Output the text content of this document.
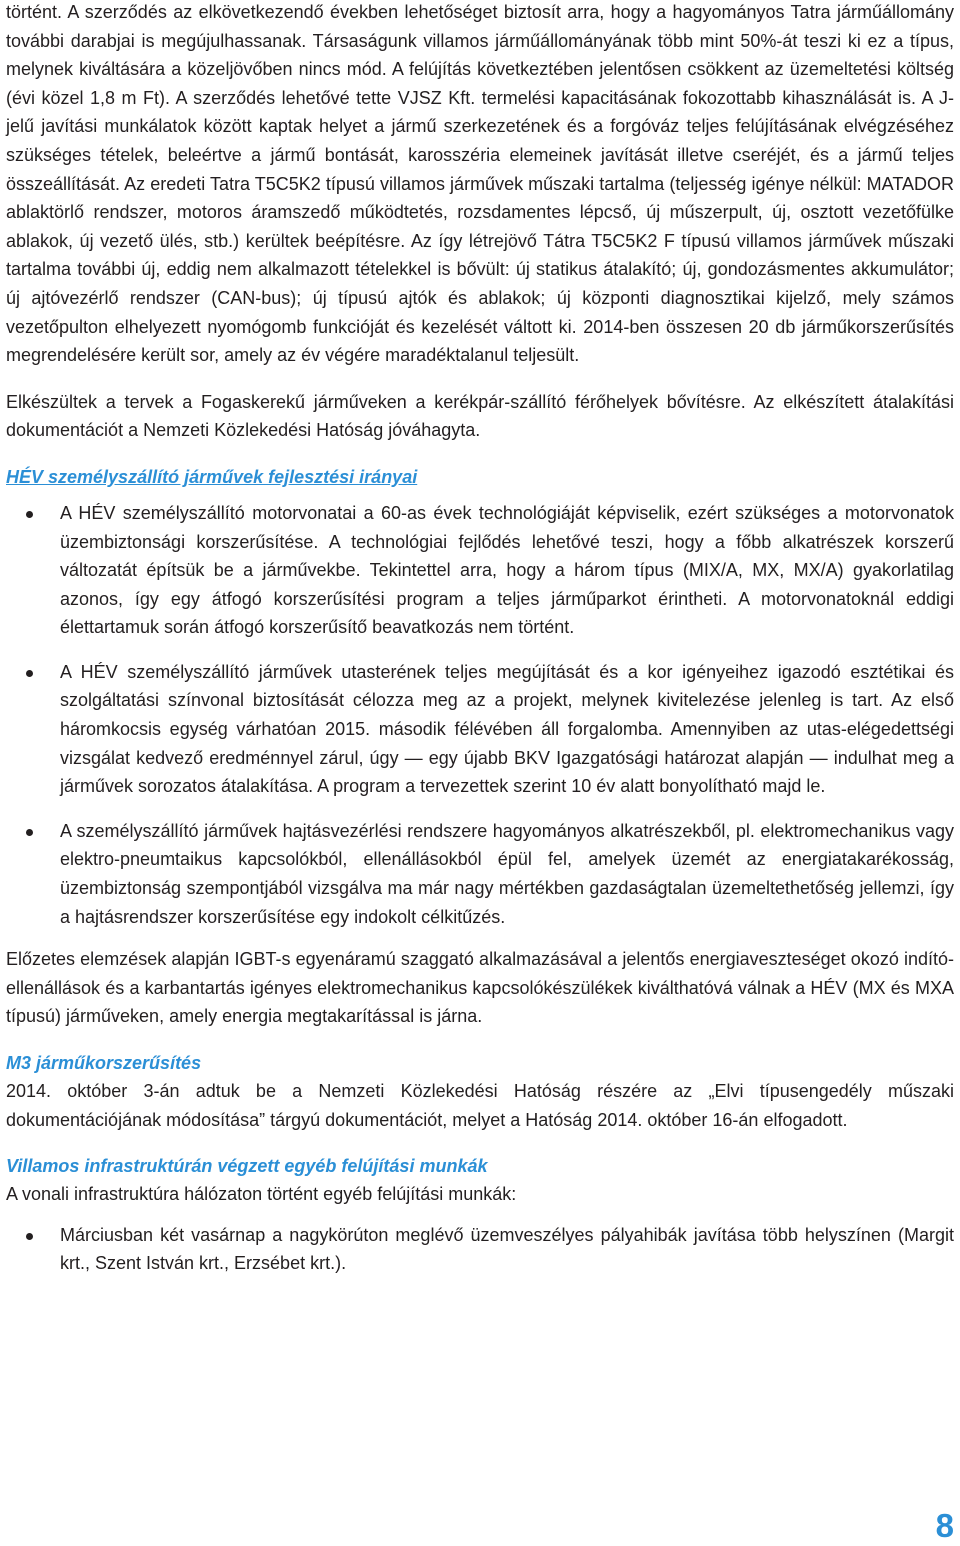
történt. A szerződés az elkövetkezendő években lehetőséget biztosít arra, hogy a hagyományos Tatra járműállomány további darabjai is megújulhassanak. Társaságunk villamos járműállományának több mint 50%-át teszi ki ez a típus, melynek kiváltására a közeljövőben nincs mód. A felújítás következtében jelentősen csökkent az üzemeltetési költség (évi közel 1,8 m Ft). A szerződés lehetővé tette VJSZ Kft. termelési kapacitásának fokozottabb kihasználását is. A J-jelű javítási munkálatok között kaptak helyet a jármű szerkezetének és a forgóváz teljes felújításának elvégzéséhez szükséges tételek, beleértve a jármű bontását, karosszéria elemeinek javítását illetve cseréjét, és a jármű teljes összeállítását. Az eredeti Tatra T5C5K2 típusú villamos járművek műszaki tartalma (teljesség igénye nélkül: MATADOR ablaktörlő rendszer, motoros áramszedő működtetés, rozsdamentes lépcső, új műszerpult, új, osztott vezetőfülke ablakok, új vezető ülés, stb.) kerültek beépítésre. Az így létrejövő Tátra T5C5K2 F típusú villamos járművek műszaki tartalma további új, eddig nem alkalmazott tételekkel is bővült: új statikus átalakító; új, gondozásmentes akkumulátor; új ajtóvezérlő rendszer (CAN-bus); új típusú ajtók és ablakok; új központi diagnosztikai kijelző, mely számos vezetőpulton elhelyezett nyomógomb funkcióját és kezelését váltott ki. 2014-ben összesen 20 db járműkorszerűsítés megrendelésére került sor, amely az év végére maradéktalanul teljesült.

Elkészültek a tervek a Fogaskerekű járműveken a kerékpár-szállító férőhelyek bővítésre. Az elkészített átalakítási dokumentációt a Nemzeti Közlekedési Hatóság jóváhagyta.

HÉV személyszállító járművek fejlesztési irányai
A HÉV személyszállító motorvonatai a 60-as évek technológiáját képviselik, ezért szükséges a motorvonatok üzembiztonsági korszerűsítése. A technológiai fejlődés lehetővé teszi, hogy a főbb alkatrészek korszerű változatát építsük be a járművekbe. Tekintettel arra, hogy a három típus (MIX/A, MX, MX/A) gyakorlatilag azonos, így egy átfogó korszerűsítési program a teljes járműparkot érintheti. A motorvonatoknál eddigi élettartamuk során átfogó korszerűsítő beavatkozás nem történt.
A HÉV személyszállító járművek utasterének teljes megújítását és a kor igényeihez igazodó esztétikai és szolgáltatási színvonal biztosítását célozza meg az a projekt, melynek kivitelezése jelenleg is tart. Az első háromkocsis egység várhatóan 2015. második félévében áll forgalomba. Amennyiben az utas-elégedettségi vizsgálat kedvező eredménnyel zárul, úgy — egy újabb BKV Igazgatósági határozat alapján — indulhat meg a járművek sorozatos átalakítása. A program a tervezettek szerint 10 év alatt bonyolítható majd le.
A személyszállító járművek hajtásvezérlési rendszere hagyományos alkatrészekből, pl. elektromechanikus vagy elektro-pneumtaikus kapcsolókból, ellenállásokból épül fel, amelyek üzemét az energiatakarékosság, üzembiztonság szempontjából vizsgálva ma már nagy mértékben gazdaságtalan üzemeltethetőség jellemzi, így a hajtásrendszer korszerűsítése egy indokolt célkitűzés.

Előzetes elemzések alapján IGBT-s egyenáramú szaggató alkalmazásával a jelentős energiaveszteséget okozó indító-ellenállások és a karbantartás igényes elektromechanikus kapcsolókészülékek kiválthatóvá válnak a HÉV (MX és MXA típusú) járműveken, amely energia megtakarítással is járna.

M3 járműkorszerűsítés

2014. október 3-án adtuk be a Nemzeti Közlekedési Hatóság részére az „Elvi típusengedély műszaki dokumentációjának módosítása” tárgyú dokumentációt, melyet a Hatóság 2014. október 16-án elfogadott.

Villamos infrastruktúrán végzett egyéb felújítási munkák

A vonali infrastruktúra hálózaton történt egyéb felújítási munkák:

Márciusban két vasárnap a nagykörúton meglévő üzemveszélyes pályahibák javítása több helyszínen (Margit krt., Szent István krt., Erzsébet krt.).
8
